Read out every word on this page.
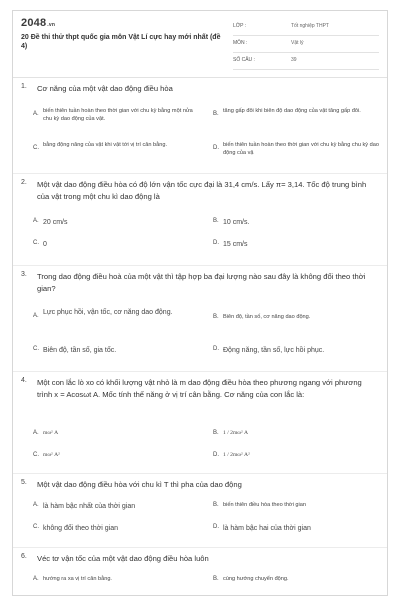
2048.vn
20 Đề thi thử thpt quốc gia môn Vật Lí cực hay mới nhất (đề 4)
LỚP :	Tốt nghiệp THPT
MÔN :	Vật lý
SỐ CÂU :	39
1. Cơ năng của một vật dao động điều hòa
A. biến thiên tuần hoàn theo thời gian với chu kỳ bằng một nửa chu kỳ dao động của vật.
B. tăng gấp đôi khi biên độ dao động của vật tăng gấp đôi.
C. bằng động năng của vật khi vật tới vị trí cân bằng.	D. biến thiên tuần hoàn theo thời gian với chu kỳ bằng chu kỳ dao động của vậ
2. Một vật dao động điều hòa có độ lớn vận tốc cực đại là 31,4 cm/s. Lấy π= 3,14. Tốc độ trung bình của vật trong một chu kì dao động là
A. 20 cm/s	B. 10 cm/s.
C. 0	D. 15 cm/s
3. Trong dao động điều hoà của một vật thì tập hợp ba đại lượng nào sau đây là không đổi theo thời gian?
A. Lực phục hồi, vận tốc, cơ năng dao động.
B. Biên độ, tần số, cơ năng dao động.
C. Biên độ, tần số, gia tốc.	D. Động năng, tần số, lực hồi phục.
4. Một con lắc lò xo có khối lượng vật nhỏ là m dao động điều hòa theo phương ngang với phương trình x = Acosωt A. Mốc tính thế năng ở vị trí cân bằng. Cơ năng của con lắc là:
A. mω² A	B. 1 / 2mω² A
C. mω² A²	D. 1 / 2mω² A²
5. Một vật dao động điều hòa với chu kì T thì pha của dao động
A. là hàm bậc nhất của thời gian	B. biến thiên điều hòa theo thời gian
C. không đổi theo thời gian	D. là hàm bậc hai của thời gian
6. Véc tơ vận tốc của một vật dao động điều hòa luôn
A. hướng ra xa vị trí cân bằng.	B. cùng hướng chuyển động.
